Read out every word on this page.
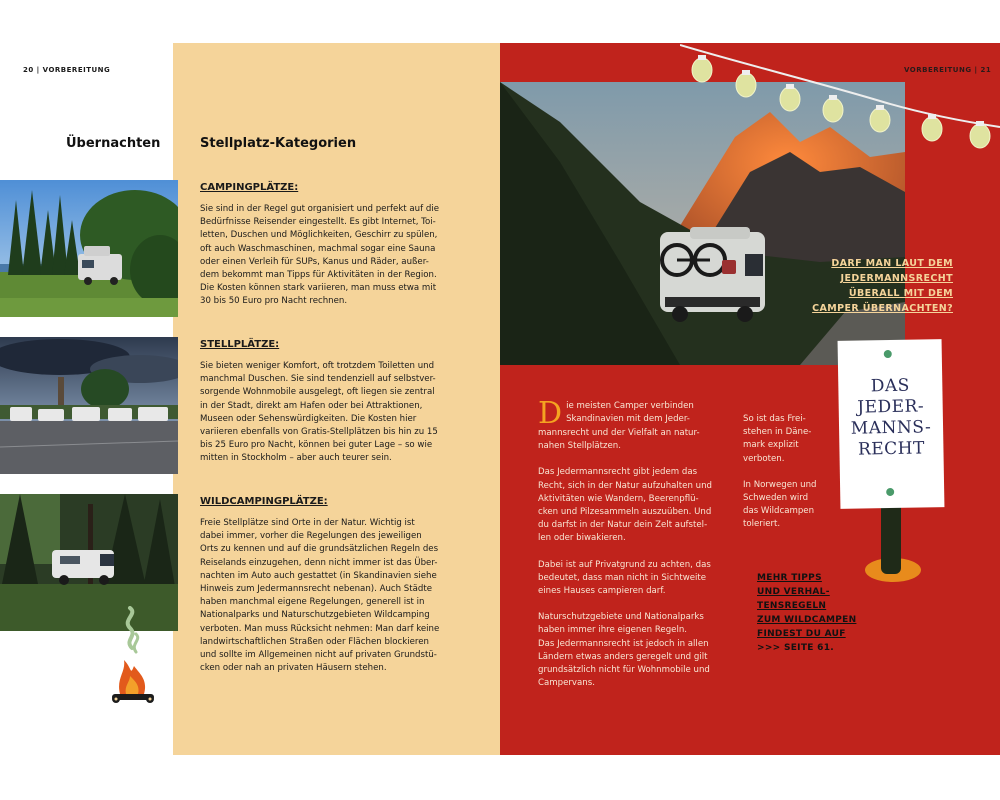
20 | VORBEREITUNG	VORBEREITUNG | 21
Übernachten	Stellplatz-Kategorien
CAMPINGPLÄTZE:
Sie sind in der Regel gut organisiert und perfekt auf die
Bedürfnisse Reisender eingestellt. Es gibt Internet, Toi-
letten, Duschen und Möglichkeiten, Geschirr zu spülen,
oft auch Waschmaschinen, machmal sogar eine Sauna
oder einen Verleih für SUPs, Kanus und Räder, außer-
dem bekommt man Tipps für Aktivitäten in der Region.
Die Kosten können stark variieren, man muss etwa mit
30 bis 50 Euro pro Nacht rechnen.
STELLPLÄTZE:
Sie bieten weniger Komfort, oft trotzdem Toiletten und
manchmal Duschen. Sie sind tendenziell auf selbstver-
sorgende Wohnmobile ausgelegt, oft liegen sie zentral
in der Stadt, direkt am Hafen oder bei Attraktionen,
Museen oder Sehenswürdigkeiten. Die Kosten hier
variieren ebenfalls von Gratis-Stellplätzen bis hin zu 15
bis 25 Euro pro Nacht, können bei guter Lage – so wie
mitten in Stockholm – aber auch teurer sein.
WILDCAMPINGPLÄTZE:
Freie Stellplätze sind Orte in der Natur. Wichtig ist
dabei immer, vorher die Regelungen des jeweiligen
Orts zu kennen und auf die grundsätzlichen Regeln des
Reiselands einzugehen, denn nicht immer ist das Über-
nachten im Auto auch gestattet (in Skandinavien siehe
Hinweis zum Jedermannsrecht nebenan). Auch Städte
haben manchmal eigene Regelungen, generell ist in
Nationalparks und Naturschutzgebieten Wildcamping
verboten. Man muss Rücksicht nehmen: Man darf keine
landwirtschaftlichen Straßen oder Flächen blockieren
und sollte im Allgemeinen nicht auf privaten Grundstü-
cken oder nah an privaten Häusern stehen.
DARF MAN LAUT DEM
JEDERMANNSRECHT
ÜBERALL MIT DEM
CAMPER ÜBERNACHTEN?
DAS
JEDER-
MANNS-
RECHT
D ie meisten Camper verbinden
Skandinavien mit dem Jeder-
mannsrecht und der Vielfalt an natur-
nahen Stellplätzen.
Das Jedermannsrecht gibt jedem das
Recht, sich in der Natur aufzuhalten und
Aktivitäten wie Wandern, Beerenpflü-
cken und Pilzesammeln auszuüben. Und
du darfst in der Natur dein Zelt aufstel-
len oder biwakieren.
Dabei ist auf Privatgrund zu achten, das
bedeutet, dass man nicht in Sichtweite
eines Hauses campieren darf.
Naturschutzgebiete und Nationalparks
haben immer ihre eigenen Regeln.
Das Jedermannsrecht ist jedoch in allen
Ländern etwas anders geregelt und gilt
grundsätzlich nicht für Wohnmobile und
Campervans.
So ist das Frei-
stehen in Däne-
mark explizit
verboten.
In Norwegen und
Schweden wird
das Wildcampen
toleriert.
MEHR TIPPS
UND VERHAL-
TENSREGELN
ZUM WILDCAMPEN
FINDEST DU AUF
>>> SEITE 61.
